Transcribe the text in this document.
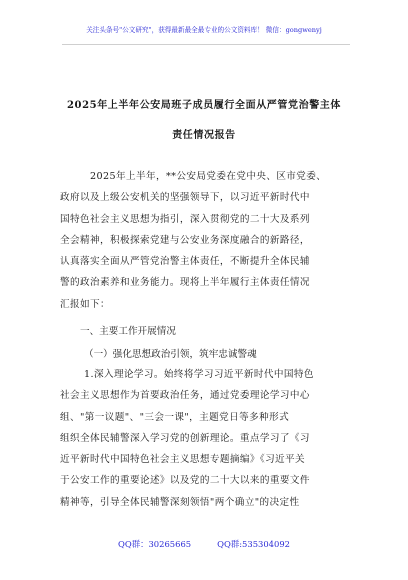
关注头条号"公文研究"，获得最新最全最专业的公文资料库！ 微信：gongwenyj
2025年上半年公安局班子成员履行全面从严管党治警主体
责任情况报告
2025年上半年，**公安局党委在党中央、区市党委、
政府以及上级公安机关的坚强领导下，以习近平新时代中
国特色社会主义思想为指引，深入贯彻党的二十大及系列
全会精神，积极探索党建与公安业务深度融合的新路径，
认真落实全面从严管党治警主体责任，不断提升全体民辅
警的政治素养和业务能力。现将上半年履行主体责任情况
汇报如下：
一、主要工作开展情况
（一）强化思想政治引领，筑牢忠诚警魂
1.深入理论学习。始终将学习习近平新时代中国特色
社会主义思想作为首要政治任务，通过党委理论学习中心
组、"第一议题"、"三会一课"，主题党日等多种形式
组织全体民辅警深入学习党的创新理论。重点学习了《习
近平新时代中国特色社会主义思想专题摘编》《习近平关
于公安工作的重要论述》以及党的二十大以来的重要文件
精神等，引导全体民辅警深刻领悟"两个确立"的决定性
QQ群：30265665	QQ群:535304092
